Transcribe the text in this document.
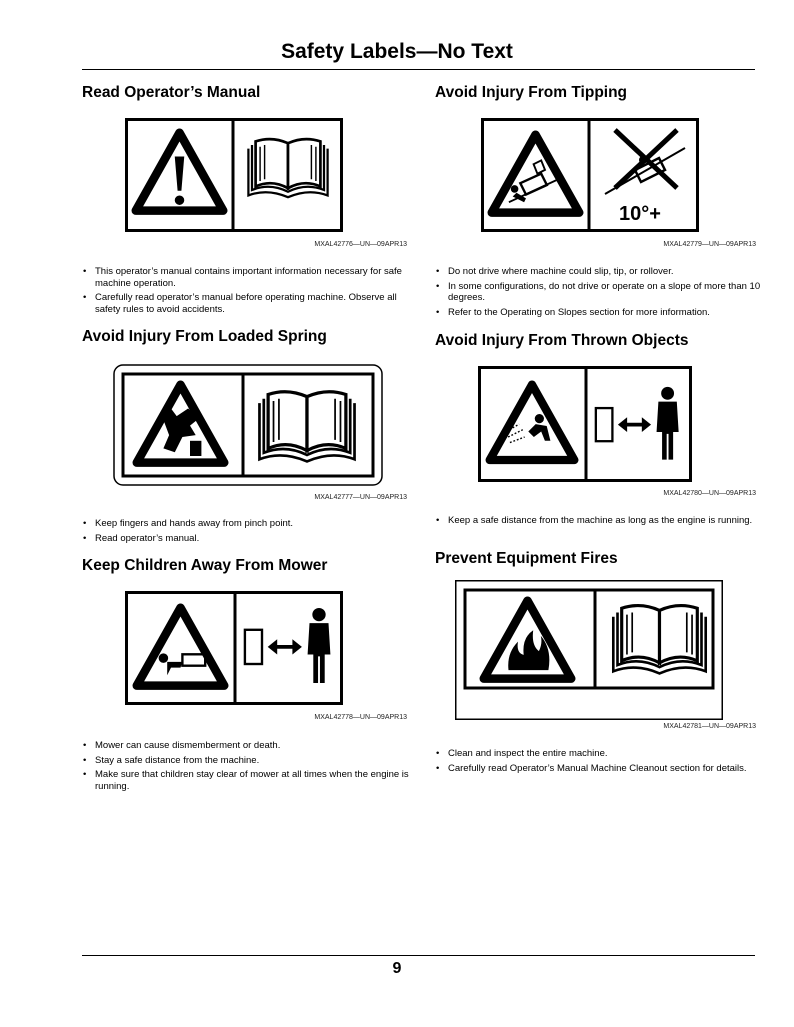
Safety Labels—No Text
Read Operator’s Manual
MXAL42776—UN—09APR13
• This operator’s manual contains important information necessary for safe machine operation.
• Carefully read operator’s manual before operating machine. Observe all safety rules to avoid accidents.
Avoid Injury From Loaded Spring
MXAL42777—UN—09APR13
• Keep fingers and hands away from pinch point.
• Read operator’s manual.
Keep Children Away From Mower
MXAL42778—UN—09APR13
• Mower can cause dismemberment or death.
• Stay a safe distance from the machine.
• Make sure that children stay clear of mower at all times when the engine is running.
Avoid Injury From Tipping
10°+
MXAL42779—UN—09APR13
• Do not drive where machine could slip, tip, or rollover.
• In some configurations, do not drive or operate on a slope of more than 10 degrees.
• Refer to the Operating on Slopes section for more information.
Avoid Injury From Thrown Objects
MXAL42780—UN—09APR13
• Keep a safe distance from the machine as long as the engine is running.
Prevent Equipment Fires
MXAL42781—UN—09APR13
• Clean and inspect the entire machine.
• Carefully read Operator’s Manual Machine Cleanout section for details.
9
